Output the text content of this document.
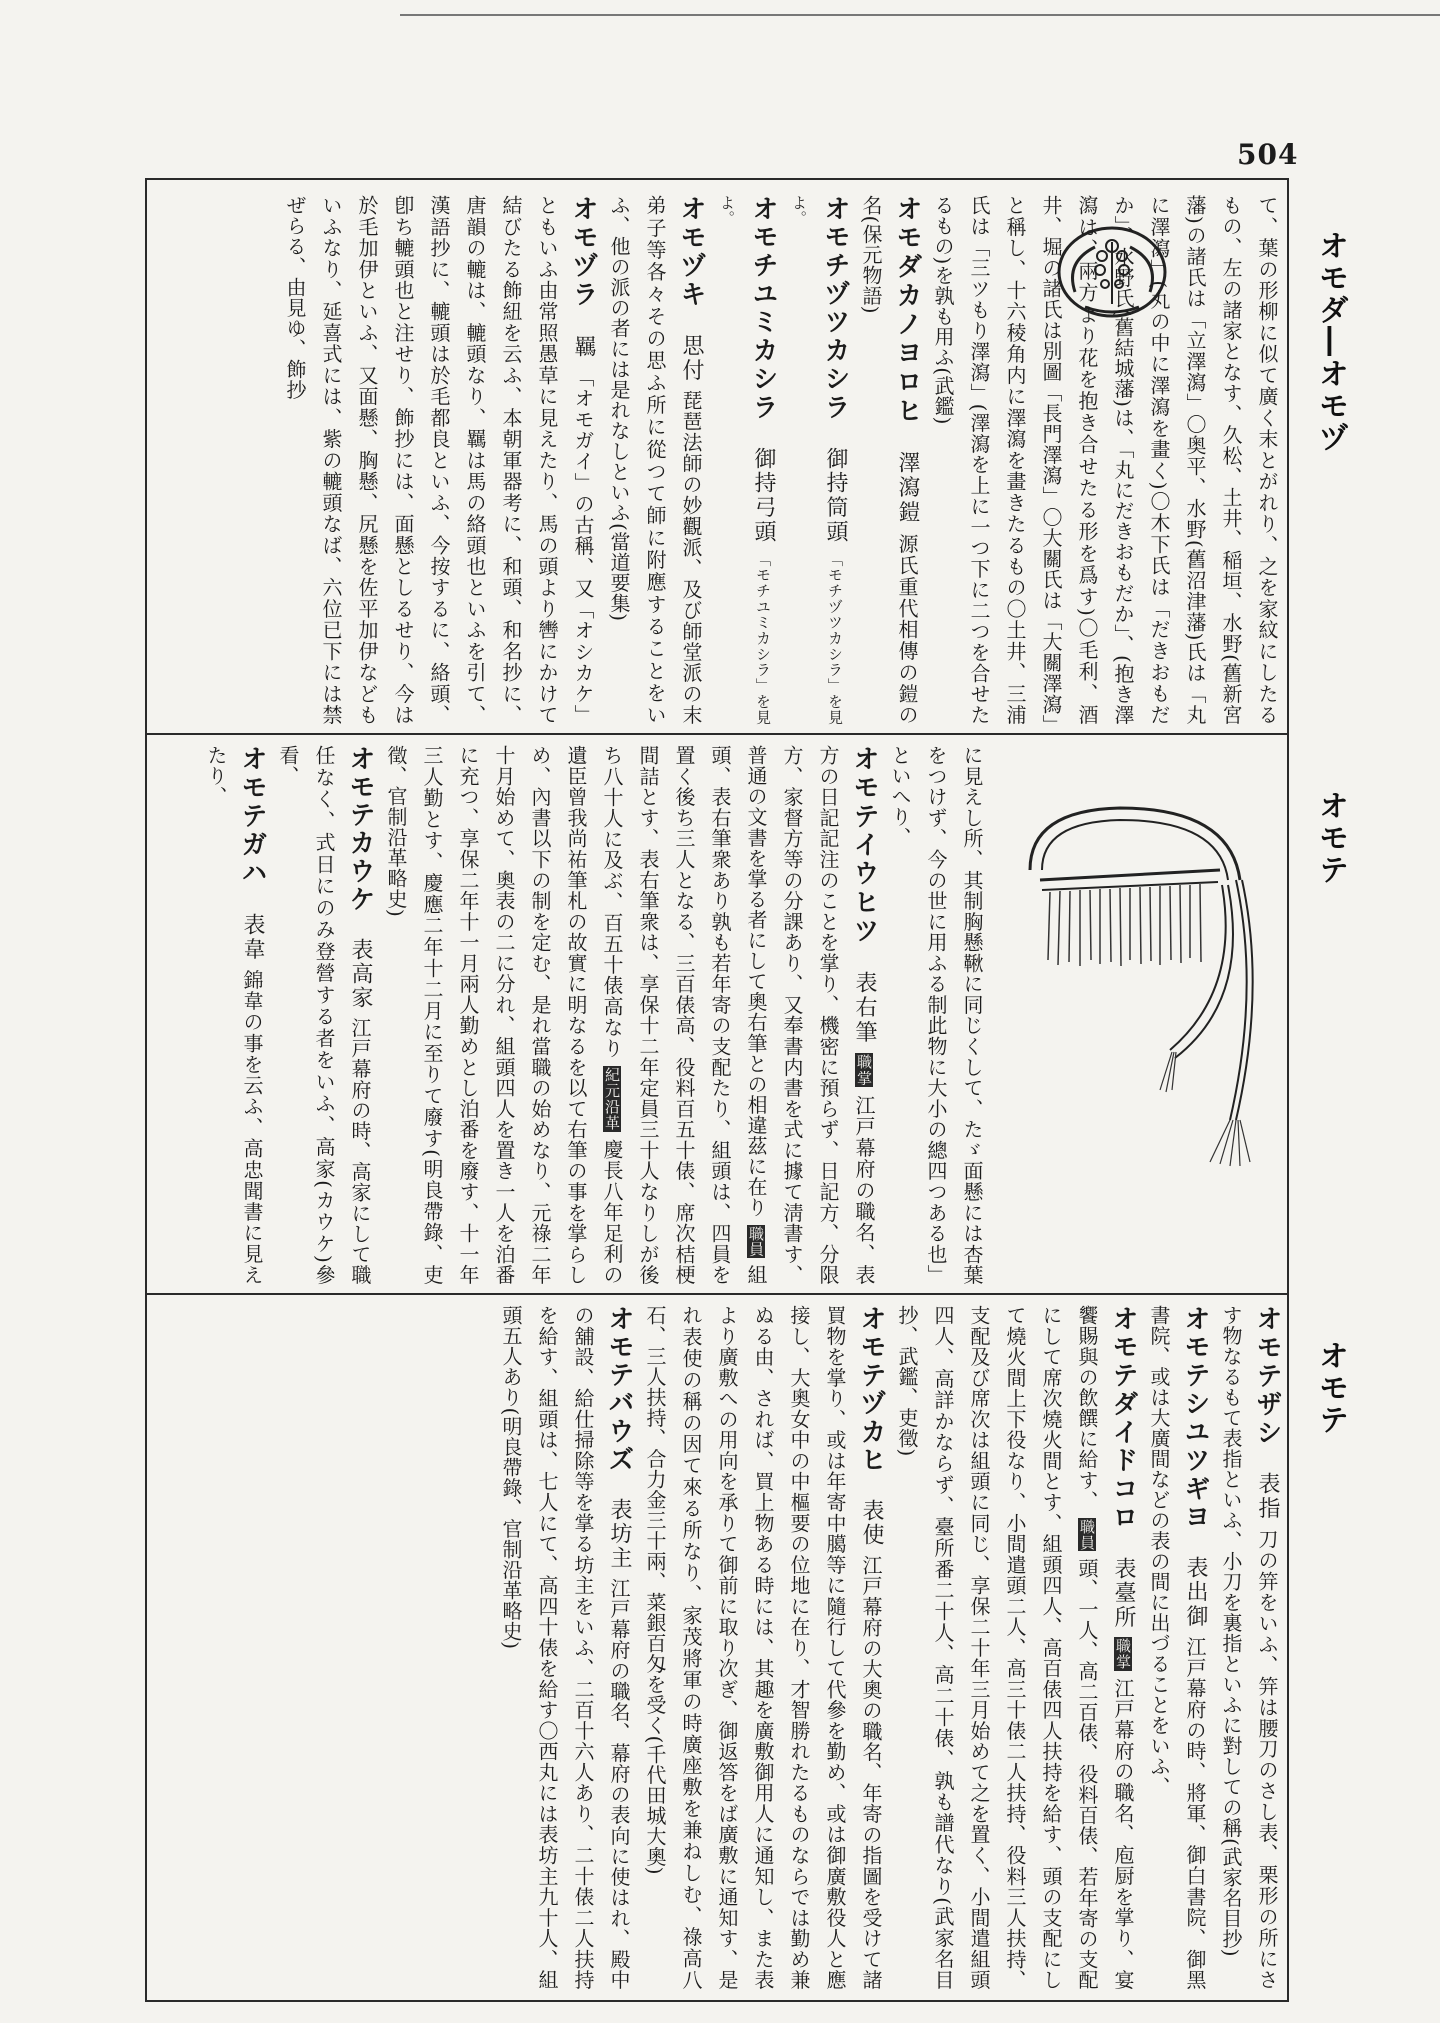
504
オモダ―オモヅ
オモテ
オモテ
て、葉の形柳に似て廣く末とがれり、之を家紋にしたるもの、左の諸家となす、久松、土井、稲垣、水野(舊新宮藩)の諸氏は「立澤瀉」〇奥平、水野(舊沼津藩)氏は「丸に澤瀉」(丸の中に澤瀉を畫く)〇木下氏は「だきおもだか」、水野氏(舊結城藩)は、「丸にだきおもだか」、(抱き澤瀉は、兩方より花を抱き合せたる形を爲す)〇毛利、酒井、堀の諸氏は別圖「長門澤瀉」〇大關氏は「大關澤瀉」と稱し、十六稜角内に澤瀉を畫きたるもの〇土井、三浦氏は「三ツもり澤瀉」(澤瀉を上に一つ下に二つを合せたるもの)を孰も用ふ(武鑑)
オモダカノヨロヒ 澤瀉鎧 源氏重代相傳の鎧の名(保元物語)
オモチヅツカシラ 御持筒頭 「モチヅツカシラ」を見よ。
オモチユミカシラ 御持弓頭 「モチユミカシラ」を見よ。
オモヅキ 思付 琵琶法師の妙觀派、及び師堂派の末弟子等各々その思ふ所に從つて師に附應することをいふ、他の派の者には是れなしといふ(當道要集)
オモヅラ 羈 「オモガイ」の古稱、又「オシカケ」ともいふ由常照愚草に見えたり、馬の頭より轡にかけて結びたる飾紐を云ふ、本朝軍器考に、和頭、和名抄に、唐韻の轆は、轆頭なり、羈は馬の絡頭也といふを引て、漢語抄に、轆頭は於毛都良といふ、今按するに、絡頭、卽ち轆頭也と注せり、飾抄には、面懸としるせり、今は於毛加伊といふ、又面懸、胸懸、尻懸を佐平加伊などもいふなり、延喜式には、紫の轆頭なば、六位已下には禁ぜらる、由見ゆ、飾抄
に見えし所、其制胸懸鞦に同じくして、たゞ面懸には杏葉をつけず、今の世に用ふる制此物に大小の總四つある也」といへり、
オモテイウヒツ 表右筆 職掌 江戸幕府の職名、表方の日記記注のことを掌り、機密に預らず、日記方、分限方、家督方等の分課あり、又奉書内書を式に據て淸書す、普通の文書を掌る者にして奧右筆との相違茲に在り 職員 組頭、表右筆衆あり孰も若年寄の支配たり、組頭は、四員を置く後ち三人となる、三百俵高、役料百五十俵、席次桔梗間詰とす、表右筆衆は、享保十二年定員三十人なりしが後ち八十人に及ぶ、百五十俵高なり 紀元沿革 慶長八年足利の遺臣曾我尚祐筆札の故實に明なるを以て右筆の事を掌らしめ、內書以下の制を定む、是れ當職の始めなり、元祿二年十月始めて、奧表の二に分れ、組頭四人を置き一人を泊番に充つ、享保二年十一月兩人勤めとし泊番を廢す、十一年三人勤とす、慶應二年十二月に至りて廢す(明良帶錄、吏徵、官制沿革略史)
オモテカウケ 表高家 江戸幕府の時、高家にして職任なく、式日にのみ登營する者をいふ、高家(カウケ)參看、
オモテガハ 表韋 錦韋の事を云ふ、高忠聞書に見えたり、
オモテザシ 表指 刀の笄をいふ、笄は腰刀のさし表、栗形の所にさす物なるもて表指といふ、小刀を裏指といふに對しての稱(武家名目抄)
オモテシユツギヨ 表出御 江戸幕府の時、將軍、御白書院、御黑書院、或は大廣間などの表の間に出づることをいふ、
オモテダイドコロ 表臺所 職掌 江戸幕府の職名、庖厨を掌り、宴饗賜與の飲饌に給す、 職員 頭、一人、高二百俵、役料百俵、若年寄の支配にして席次燒火間とす、組頭四人、高百俵四人扶持を給す、頭の支配にして燒火間上下役なり、小間遣頭二人、高三十俵二人扶持、役料三人扶持、支配及び席次は組頭に同じ、享保二十年三月始めて之を置く、小間遣組頭四人、高詳かならず、臺所番二十人、高二十俵、孰も譜代なり(武家名目抄、武鑑、吏徵)
オモテヅカヒ 表使 江戸幕府の大奧の職名、年寄の指圖を受けて諸買物を掌り、或は年寄中臈等に隨行して代參を勤め、或は御廣敷役人と應接し、大奧女中の中樞要の位地に在り、才智勝れたるものならでは勤め兼ぬる由、されば、買上物ある時には、其趣を廣敷御用人に通知し、また表より廣敷への用向を承りて御前に取り次ぎ、御返答をば廣敷に通知す、是れ表使の稱の因て來る所なり、家茂將軍の時廣座敷を兼ねしむ、祿高八石、三人扶持、合力金三十兩、菜銀百匁を受く(千代田城大奧)
オモテバウズ 表坊主 江戸幕府の職名、幕府の表向に使はれ、殿中の舖設、給仕掃除等を掌る坊主をいふ、二百十六人あり、二十俵二人扶持を給す、組頭は、七人にて、高四十俵を給す〇西丸には表坊主九十人、組頭五人あり(明良帶錄、官制沿革略史)
